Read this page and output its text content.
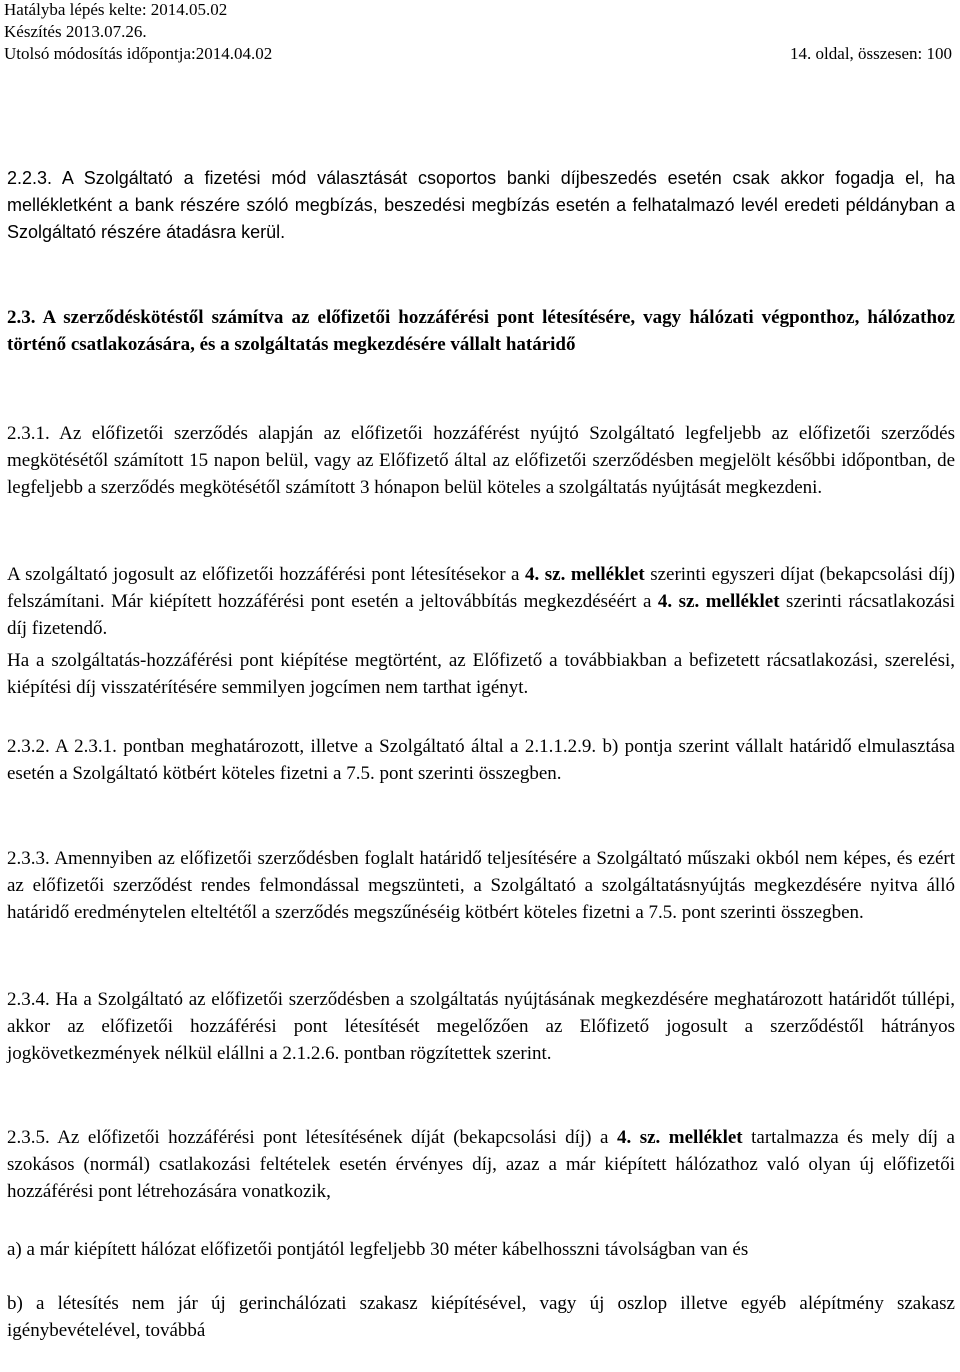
Hatályba lépés kelte: 2014.05.02
Készítés 2013.07.26.
Utolsó módosítás időpontja:2014.04.02	14. oldal, összesen: 100
2.2.3. A Szolgáltató a fizetési mód választását csoportos banki díjbeszedés esetén csak akkor fogadja el, ha mellékletként a bank részére szóló megbízás, beszedési megbízás esetén a felhatalmazó levél eredeti példányban a Szolgáltató részére átadásra kerül.
2.3. A szerződéskötéstől számítva az előfizetői hozzáférési pont létesítésére, vagy hálózati végponthoz, hálózathoz történő csatlakozására, és a szolgáltatás megkezdésére vállalt határidő
2.3.1. Az előfizetői szerződés alapján az előfizetői hozzáférést nyújtó Szolgáltató legfeljebb az előfizetői szerződés megkötésétől számított 15 napon belül, vagy az Előfizető által az előfizetői szerződésben megjelölt későbbi időpontban, de legfeljebb a szerződés megkötésétől számított 3 hónapon belül köteles a szolgáltatás nyújtását megkezdeni.
A szolgáltató jogosult az előfizetői hozzáférési pont létesítésekor a 4. sz. melléklet szerinti egyszeri díjat (bekapcsolási díj) felszámítani. Már kiépített hozzáférési pont esetén a jeltovábbítás megkezdéséért a 4. sz. melléklet szerinti rácsatlakozási díj fizetendő.
Ha a szolgáltatás-hozzáférési pont kiépítése megtörtént, az Előfizető a továbbiakban a befizetett rácsatlakozási, szerelési, kiépítési díj visszatérítésére semmilyen jogcímen nem tarthat igényt.
2.3.2. A 2.3.1. pontban meghatározott, illetve a Szolgáltató által a 2.1.1.2.9. b) pontja szerint vállalt határidő elmulasztása esetén a Szolgáltató kötbért köteles fizetni a 7.5. pont szerinti összegben.
2.3.3. Amennyiben az előfizetői szerződésben foglalt határidő teljesítésére a Szolgáltató műszaki okból nem képes, és ezért az előfizetői szerződést rendes felmondással megszünteti, a Szolgáltató a szolgáltatásnyújtás megkezdésére nyitva álló határidő eredménytelen elteltétől a szerződés megszűnéséig kötbért köteles fizetni a 7.5. pont szerinti összegben.
2.3.4. Ha a Szolgáltató az előfizetői szerződésben a szolgáltatás nyújtásának megkezdésére meghatározott határidőt túllépi, akkor az előfizetői hozzáférési pont létesítését megelőzően az Előfizető jogosult a szerződéstől hátrányos jogkövetkezmények nélkül elállni a 2.1.2.6. pontban rögzítettek szerint.
2.3.5. Az előfizetői hozzáférési pont létesítésének díját (bekapcsolási díj) a 4. sz. melléklet tartalmazza és mely díj a szokásos (normál) csatlakozási feltételek esetén érvényes díj, azaz a már kiépített hálózathoz való olyan új előfizetői hozzáférési pont létrehozására vonatkozik,
a) a már kiépített hálózat előfizetői pontjától legfeljebb 30 méter kábelhosszni távolságban van és
b) a létesítés nem jár új gerinchálózati szakasz kiépítésével, vagy új oszlop illetve egyéb alépítmény szakasz igénybevételével, továbbá
